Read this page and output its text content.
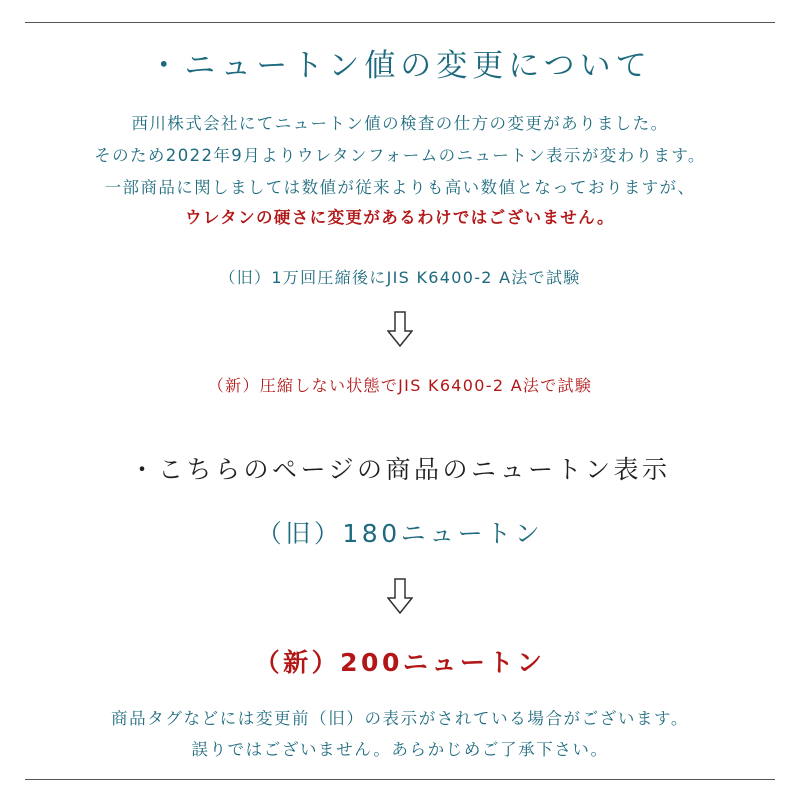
・ニュートン値の変更について
西川株式会社にてニュートン値の検査の仕方の変更がありました。
そのため2022年9月よりウレタンフォームのニュートン表示が変わります。
一部商品に関しましては数値が従来よりも高い数値となっておりますが、
ウレタンの硬さに変更があるわけではございません。
（旧）1万回圧縮後にJIS K6400-2 A法で試験
（新）圧縮しない状態でJIS K6400-2 A法で試験
・こちらのページの商品のニュートン表示
（旧）180ニュートン
（新）200ニュートン
商品タグなどには変更前（旧）の表示がされている場合がございます。
誤りではございません。あらかじめご了承下さい。
